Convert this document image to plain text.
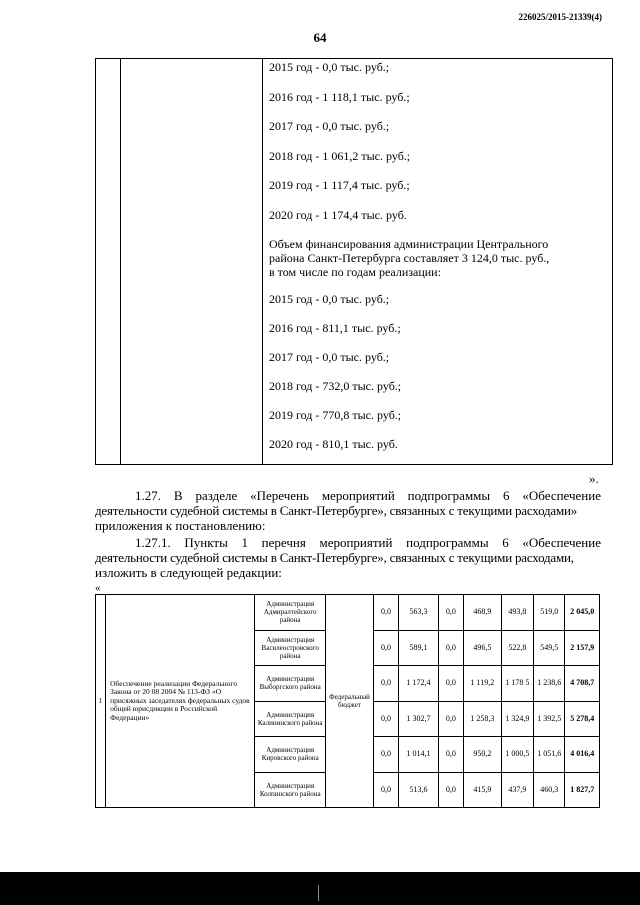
226025/2015-21339(4)
64

2015 год - 0,0 тыс. руб.;

2016 год - 1 118,1 тыс. руб.;

2017 год - 0,0 тыс. руб.;

2018 год - 1 061,2 тыс. руб.;

2019 год - 1 117,4 тыс. руб.;

2020 год - 1 174,4 тыс. руб.

Объем финансирования администрации Центрального

района Санкт-Петербурга составляет 3 124,0 тыс. руб.,

в том числе по годам реализации:

2015 год - 0,0 тыс. руб.;

2016 год - 811,1 тыс. руб.;

2017 год - 0,0 тыс. руб.;

2018 год - 732,0 тыс. руб.;

2019 год - 770,8 тыс. руб.;

2020 год - 810,1 тыс. руб.

».
1.27. В разделе «Перечень мероприятий подпрограммы 6 «Обеспечение
деятельности судебной системы в Санкт-Петербурге», связанных с текущими расходами»
приложения к постановлению:
1.27.1. Пункты 1 перечня мероприятий подпрограммы 6 «Обеспечение
деятельности судебной системы в Санкт-Петербурге», связанных с текущими расходами,
изложить в следующей редакции:
«
1	Обеспечение реализации Федерального Закона от 20 08 2004 № 113-ФЗ «О присяжных заседателях федеральных судов общей юрисдикции в Российской Федерации»	Администрация Адмиралтейского района	Федеральный бюджет	0,0	563,3	0,0	468,9	493,8	519,0	2 045,0
		Администрация Василеостровского района		0,0	589,1	0,0	496,5	522,8	549,5	2 157,9
		Администрация Выборгского района		0,0	1 172,4	0,0	1 119,2	1 178 5	1 238,6	4 708,7
		Администрация Калининского района		0,0	1 302,7	0,0	1 258,3	1 324,9	1 392,5	5 278,4
		Администрация Кировского района		0,0	1 014,1	0,0	950,2	1 000,5	1 051,6	4 016,4
		Администрация Колпинского района		0,0	513,6	0,0	415,9	437,9	460,3	1 827,7
